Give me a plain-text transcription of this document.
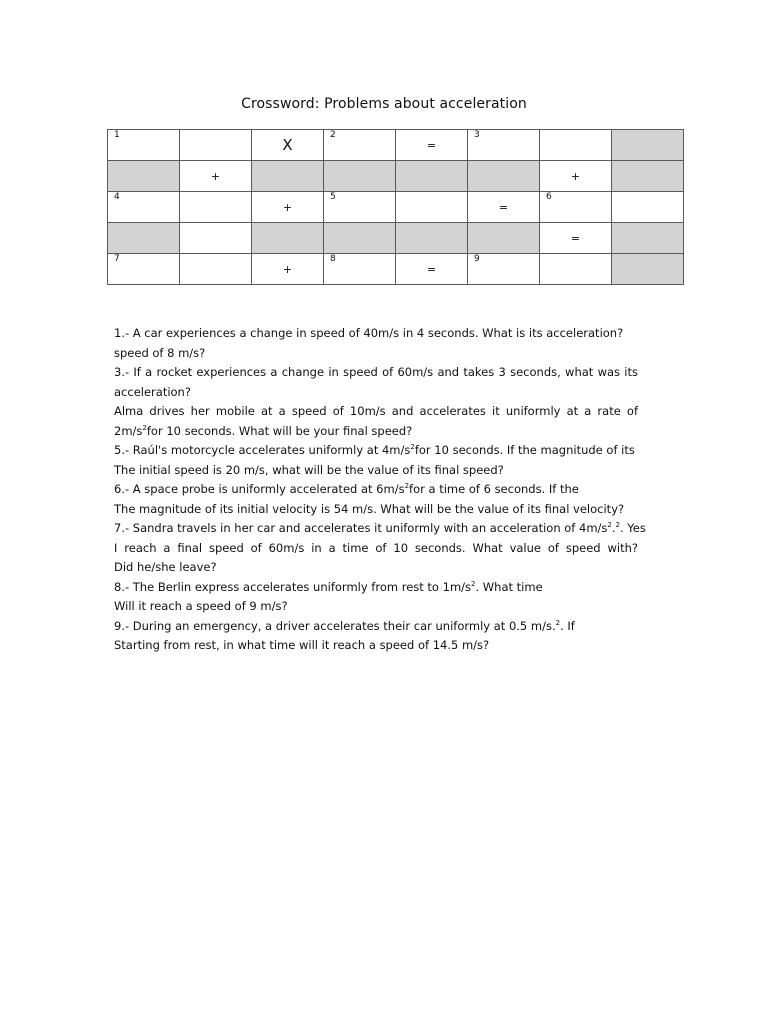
Crossword: Problems about acceleration
1		X	2	=	3		

	+					+	

4		+	5		=	6	

						=	

7		+	8	=	9		

1.- A car experiences a change in speed of 40m/s in 4 seconds. What is its acceleration?
speed of 8 m/s?
3.- If a rocket experiences a change in speed of 60m/s and takes 3 seconds, what was its
acceleration?
Alma drives her mobile at a speed of 10m/s and accelerates it uniformly at a rate of
$2m/s^2for$ 10 seconds. What will be your final speed?
5.- Raúl's motorcycle accelerates uniformly at $4m/s^2for$ 10 seconds. If the magnitude of its
The initial speed is 20 m/s, what will be the value of its final speed?
6.- A space probe is uniformly accelerated at $6m/s^2for$ a time of 6 seconds. If the
The magnitude of its initial velocity is 54 m/s. What will be the value of its final velocity?
7.- Sandra travels in her car and accelerates it uniformly with an acceleration of $4m/s^2.^2$. Yes
I reach a final speed of 60m/s in a time of 10 seconds. What value of speed with?
Did he/she leave?
8.- The Berlin express accelerates uniformly from rest to $1m/s^2$. What time
Will it reach a speed of 9 m/s?
9.- During an emergency, a driver accelerates their car uniformly at 0.5 m/s.$^2$. If
Starting from rest, in what time will it reach a speed of 14.5 m/s?
